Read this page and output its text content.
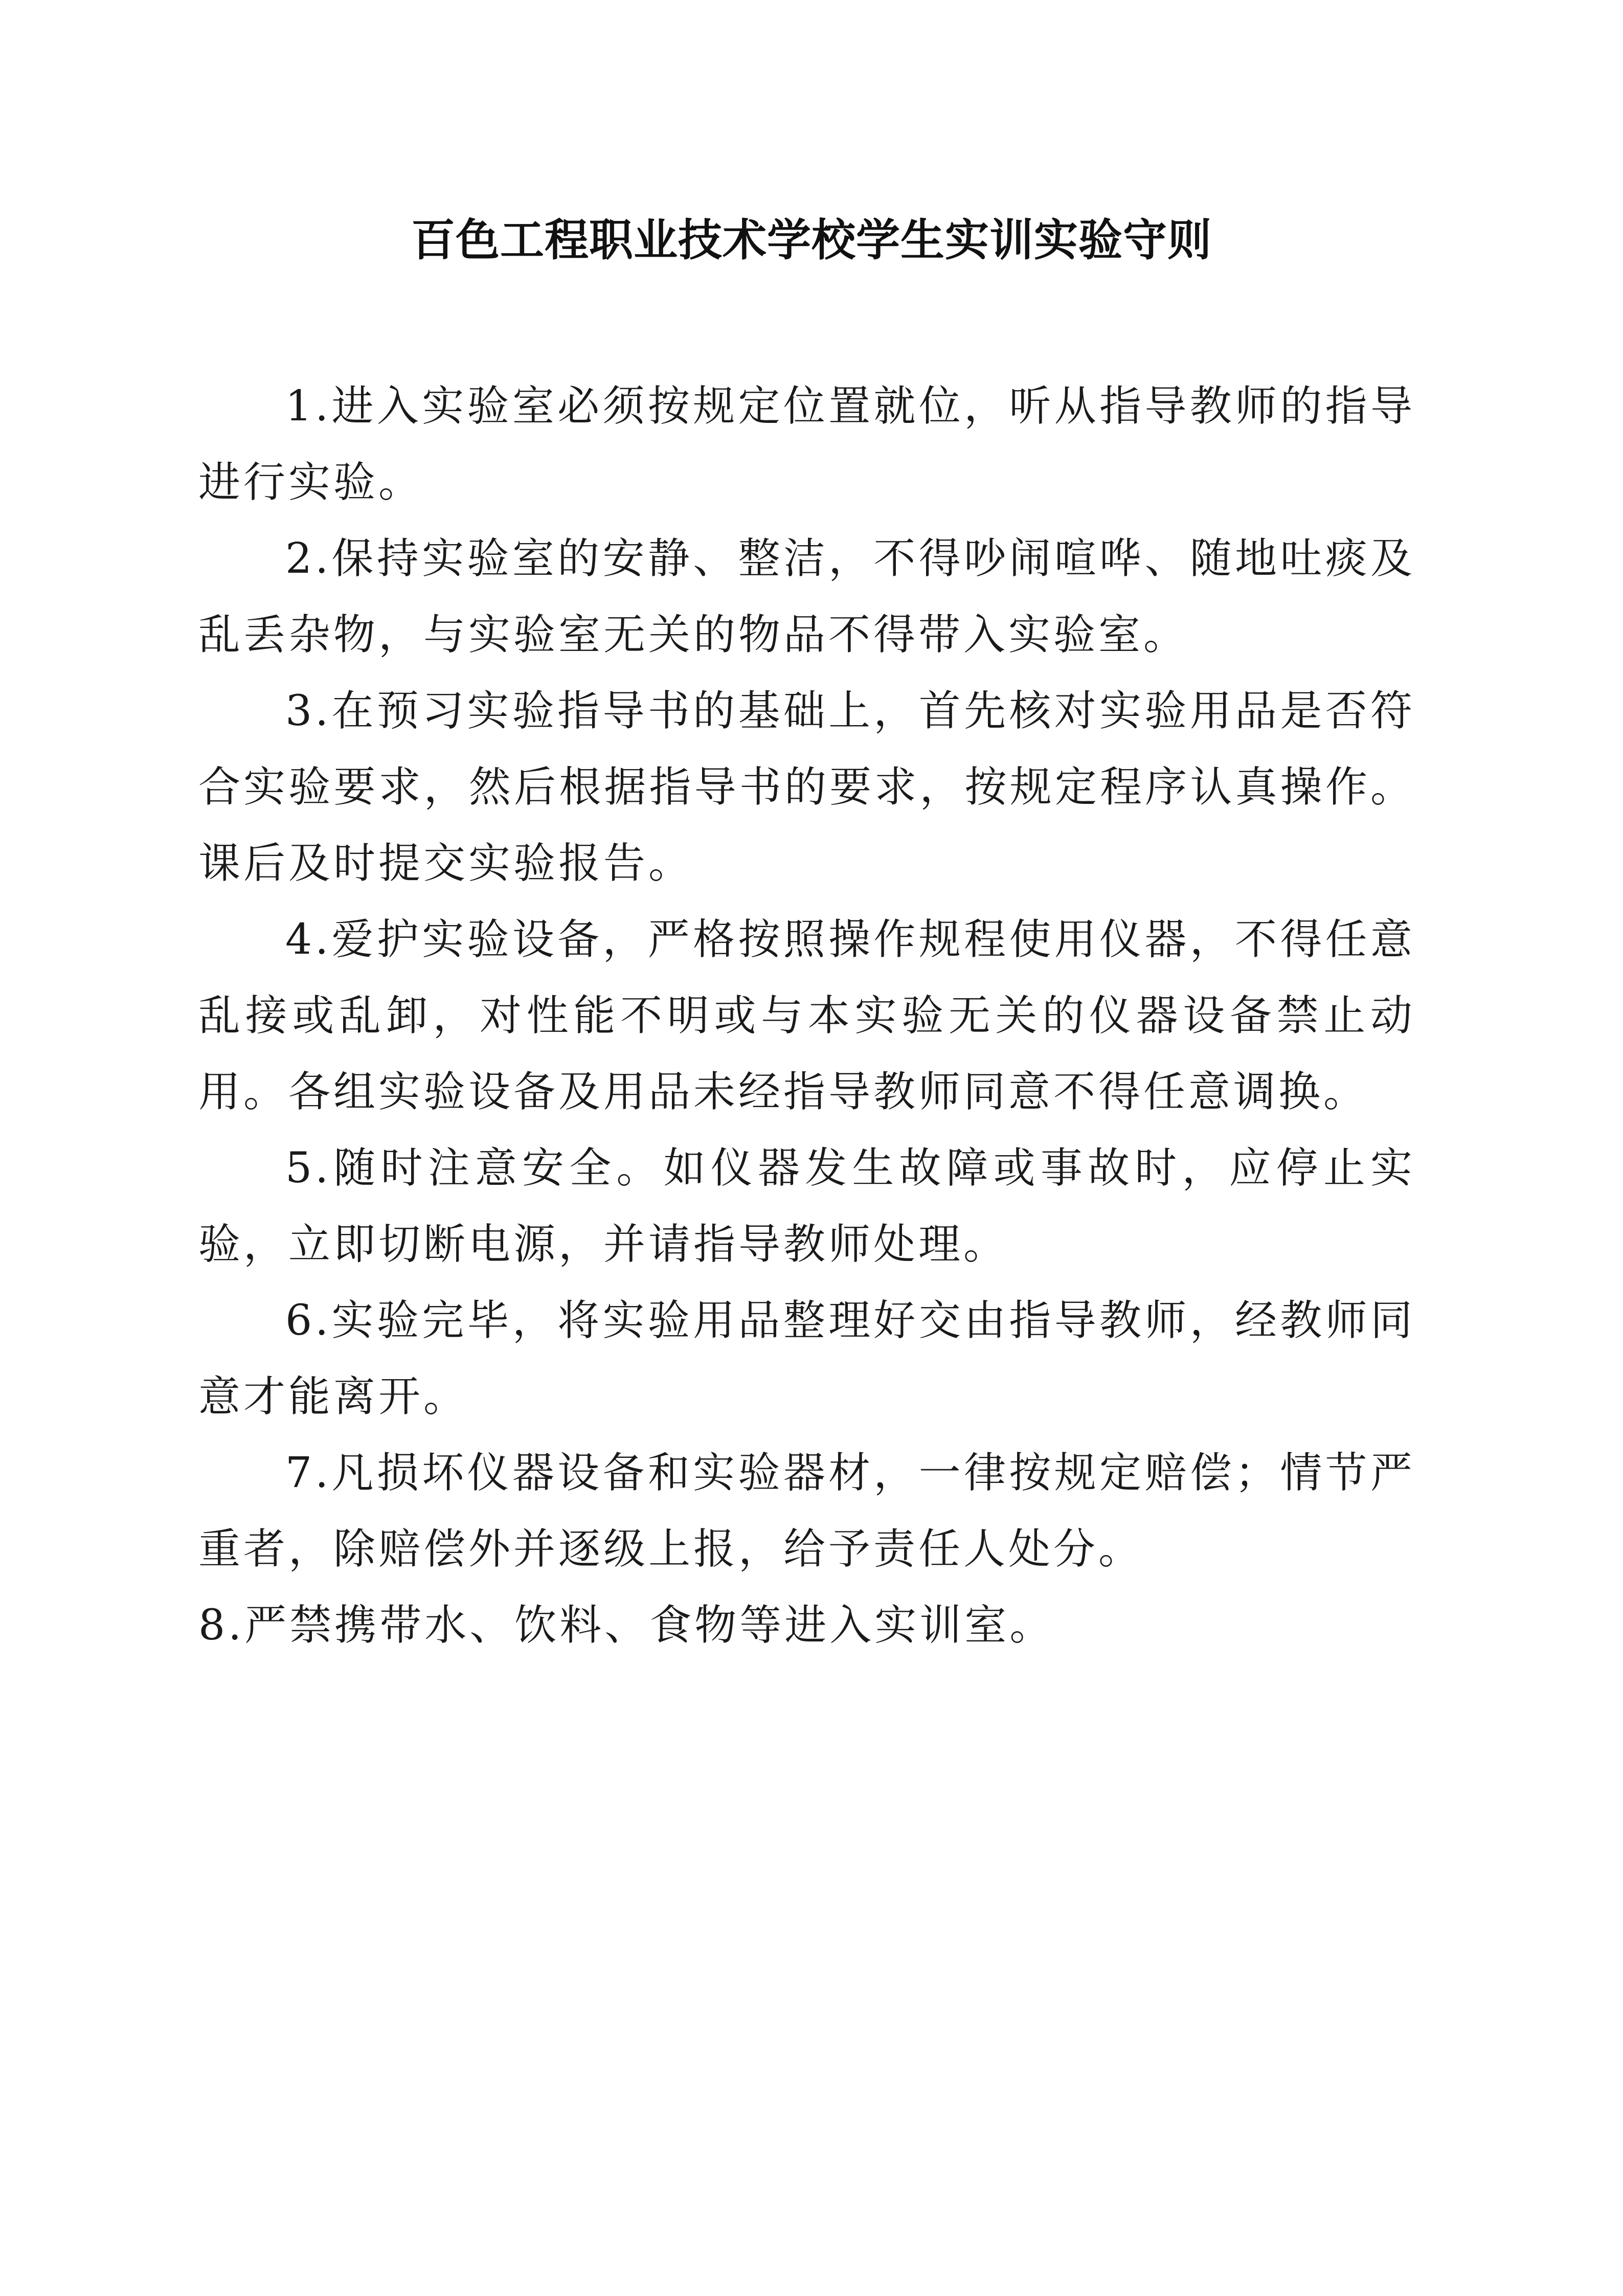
百色工程职业技术学校学生实训实验守则

1.进入实验室必须按规定位置就位，听从指导教师的指导进行实验。

2.保持实验室的安静、整洁，不得吵闹喧哗、随地吐痰及乱丢杂物，与实验室无关的物品不得带入实验室。

3.在预习实验指导书的基础上，首先核对实验用品是否符合实验要求，然后根据指导书的要求，按规定程序认真操作。课后及时提交实验报告。

4.爱护实验设备，严格按照操作规程使用仪器，不得任意乱接或乱卸，对性能不明或与本实验无关的仪器设备禁止动用。各组实验设备及用品未经指导教师同意不得任意调换。

5.随时注意安全。如仪器发生故障或事故时，应停止实验，立即切断电源，并请指导教师处理。

6.实验完毕，将实验用品整理好交由指导教师，经教师同意才能离开。

7.凡损坏仪器设备和实验器材，一律按规定赔偿；情节严重者，除赔偿外并逐级上报，给予责任人处分。

8.严禁携带水、饮料、食物等进入实训室。
